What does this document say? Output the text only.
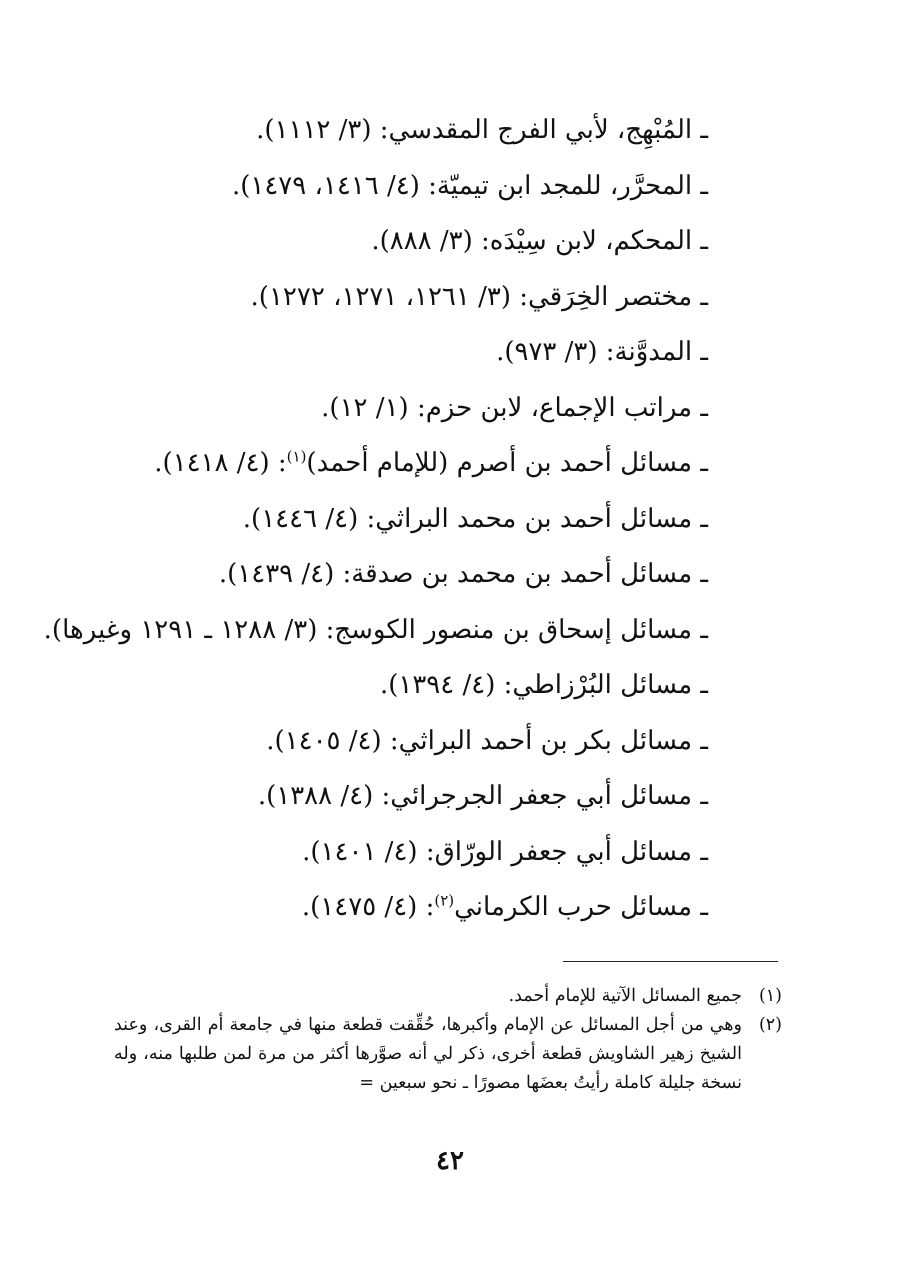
ـ المُبْهِج، لأبي الفرج المقدسي: (٣/ ١١١٢).
ـ المحرَّر، للمجد ابن تيميّة: (٤/ ١٤١٦، ١٤٧٩).
ـ المحكم، لابن سِيْدَه: (٣/ ٨٨٨).
ـ مختصر الخِرَقي: (٣/ ١٢٦١، ١٢٧١، ١٢٧٢).
ـ المدوَّنة: (٣/ ٩٧٣).
ـ مراتب الإجماع، لابن حزم: (١/ ١٢).
ـ مسائل أحمد بن أصرم (للإمام أحمد)$^{(١)}$: (٤/ ١٤١٨).
ـ مسائل أحمد بن محمد البراثي: (٤/ ١٤٤٦).
ـ مسائل أحمد بن محمد بن صدقة: (٤/ ١٤٣٩).
ـ مسائل إسحاق بن منصور الكوسج: (٣/ ١٢٨٨ ـ ١٢٩١ وغيرها).
ـ مسائل البُرْزاطي: (٤/ ١٣٩٤).
ـ مسائل بكر بن أحمد البراثي: (٤/ ١٤٠٥).
ـ مسائل أبي جعفر الجرجرائي: (٤/ ١٣٨٨).
ـ مسائل أبي جعفر الورّاق: (٤/ ١٤٠١).
ـ مسائل حرب الكرماني$^{(٢)}$: (٤/ ١٤٧٥).
(١)
جميع المسائل الآتية للإمام أحمد.
(٢)
وهي من أجل المسائل عن الإمام وأكبرها، حُقِّقت قطعة منها في جامعة أم القرى، وعند الشيخ زهير الشاويش قطعة أخرى، ذكر لي أنه صوَّرها أكثر من مرة لمن طلبها منه، وله نسخة جليلة كاملة رأيتُ بعضَها مصورًا ـ نحو سبعين =
٤٢
